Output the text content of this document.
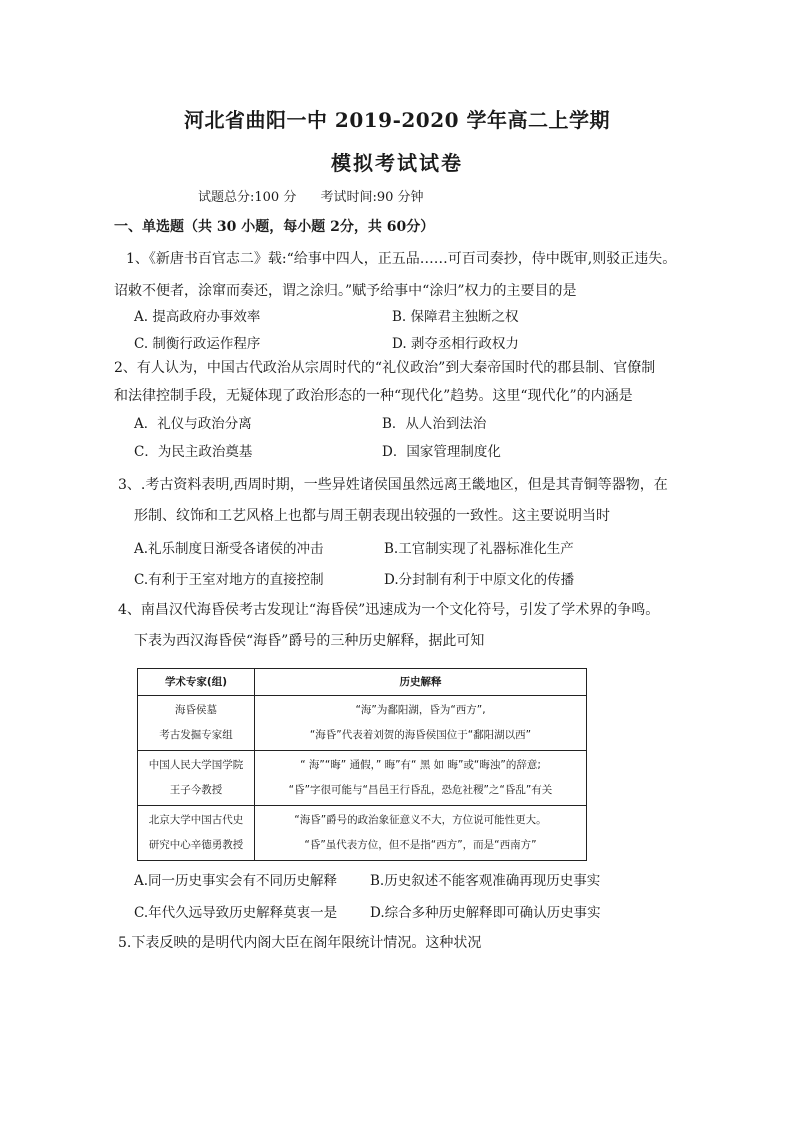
河北省曲阳一中 2019-2020 学年高二上学期
模拟考试试卷
试题总分:100 分 考试时间:90 分钟
一、单选题（共 30 小题，每小题 2分，共 60分）
1、《新唐书百官志二》载:“给事中四人，正五品……可百司奏抄，侍中既审,则驳正违失。
诏敕不便者，涂窜而奏还，谓之涂归。”赋予给事中“涂归”权力的主要目的是
A. 提高政府办事效率	B. 保障君主独断之权
C. 制衡行政运作程序	D. 剥夺丞相行政权力
2、有人认为，中国古代政治从宗周时代的“礼仪政治”到大秦帝国时代的郡县制、官僚制
和法律控制手段，无疑体现了政治形态的一种“现代化”趋势。这里“现代化”的内涵是
A．礼仪与政治分离	B．从人治到法治
C．为民主政治奠基	D．国家管理制度化
3、.考古资料表明,西周时期，一些异姓诸侯国虽然远离王畿地区，但是其青铜等器物，在
形制、纹饰和工艺风格上也都与周王朝表现出较强的一致性。这主要说明当时
A.礼乐制度日渐受各诸侯的冲击	B.工官制实现了礼器标准化生产
C.有利于王室对地方的直接控制	D.分封制有利于中原文化的传播
4、南昌汉代海昏侯考古发现让“海昏侯”迅速成为一个文化符号，引发了学术界的争鸣。
下表为西汉海昏侯“海昏”爵号的三种历史解释，据此可知
学术专家(组)	历史解释

海昏侯墓
考古发掘专家组	“海”为鄱阳湖，昏为“西方”,
“海昏”代表着刘贺的海昏侯国位于“鄱阳湖以西”

中国人民大学国学院
王子今教授	“ 海”“晦” 通假，” 晦”有“ 黑 如 晦”或“晦浊”的辞意;
“昏”字很可能与“昌邑王行昏乱，恐危社稷”之“昏乱”有关

北京大学中国古代史
研究中心辛德勇教授	“海昏”爵号的政治象征意义不大，方位说可能性更大。
“昏”虽代表方位，但不是指“西方”，而是“西南方”
A.同一历史事实会有不同历史解释 B.历史叙述不能客观准确再现历史事实
C.年代久远导致历史解释莫衷一是 D.综合多种历史解释即可确认历史事实
5.下表反映的是明代内阁大臣在阁年限统计情况。这种状况
